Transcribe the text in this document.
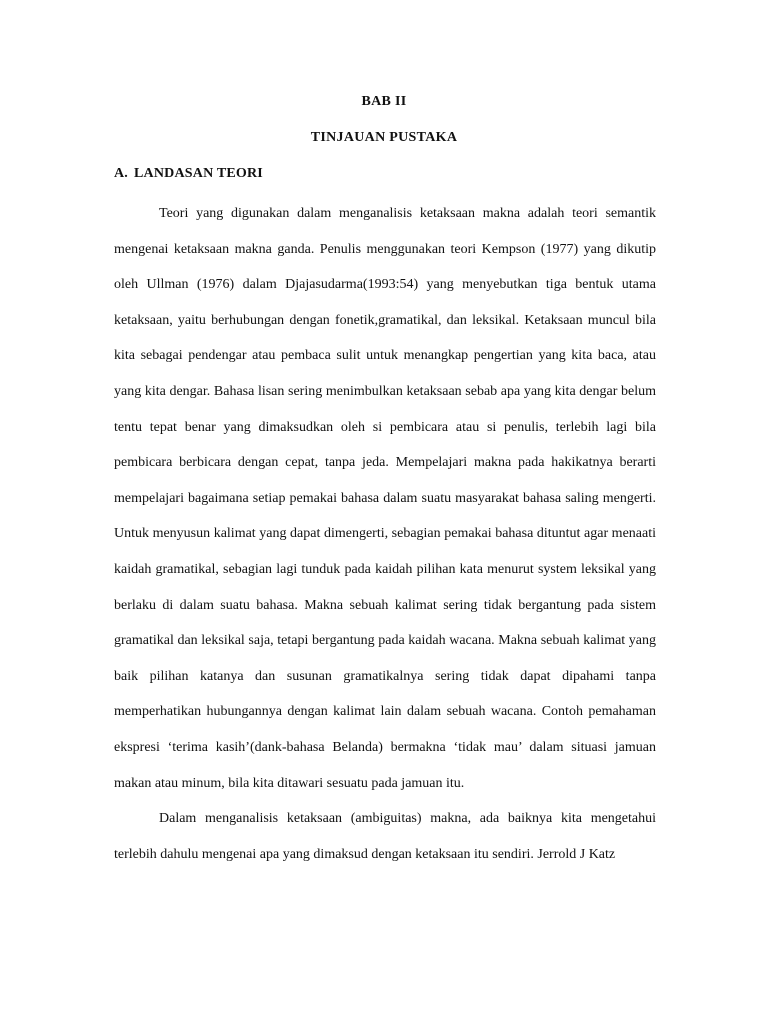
BAB II
TINJAUAN PUSTAKA
A. LANDASAN TEORI

Teori yang digunakan dalam menganalisis ketaksaan makna adalah teori semantik mengenai ketaksaan makna ganda. Penulis menggunakan teori Kempson (1977) yang dikutip oleh Ullman (1976) dalam Djajasudarma(1993:54) yang menyebutkan tiga bentuk utama ketaksaan, yaitu berhubungan dengan fonetik,gramatikal, dan leksikal. Ketaksaan muncul bila kita sebagai pendengar atau pembaca sulit untuk menangkap pengertian yang kita baca, atau yang kita dengar. Bahasa lisan sering menimbulkan ketaksaan sebab apa yang kita dengar belum tentu tepat benar yang dimaksudkan oleh si pembicara atau si penulis, terlebih lagi bila pembicara berbicara dengan cepat, tanpa jeda. Mempelajari makna pada hakikatnya berarti mempelajari bagaimana setiap pemakai bahasa dalam suatu masyarakat bahasa saling mengerti. Untuk menyusun kalimat yang dapat dimengerti, sebagian pemakai bahasa dituntut agar menaati kaidah gramatikal, sebagian lagi tunduk pada kaidah pilihan kata menurut system leksikal yang berlaku di dalam suatu bahasa. Makna sebuah kalimat sering tidak bergantung pada sistem gramatikal dan leksikal saja, tetapi bergantung pada kaidah wacana. Makna sebuah kalimat yang baik pilihan katanya dan susunan gramatikalnya sering tidak dapat dipahami tanpa memperhatikan hubungannya dengan kalimat lain dalam sebuah wacana. Contoh pemahaman ekspresi ‘terima kasih’(dank-bahasa Belanda) bermakna ‘tidak mau’ dalam situasi jamuan makan atau minum, bila kita ditawari sesuatu pada jamuan itu.

Dalam menganalisis ketaksaan (ambiguitas) makna, ada baiknya kita mengetahui terlebih dahulu mengenai apa yang dimaksud dengan ketaksaan itu sendiri. Jerrold J Katz
